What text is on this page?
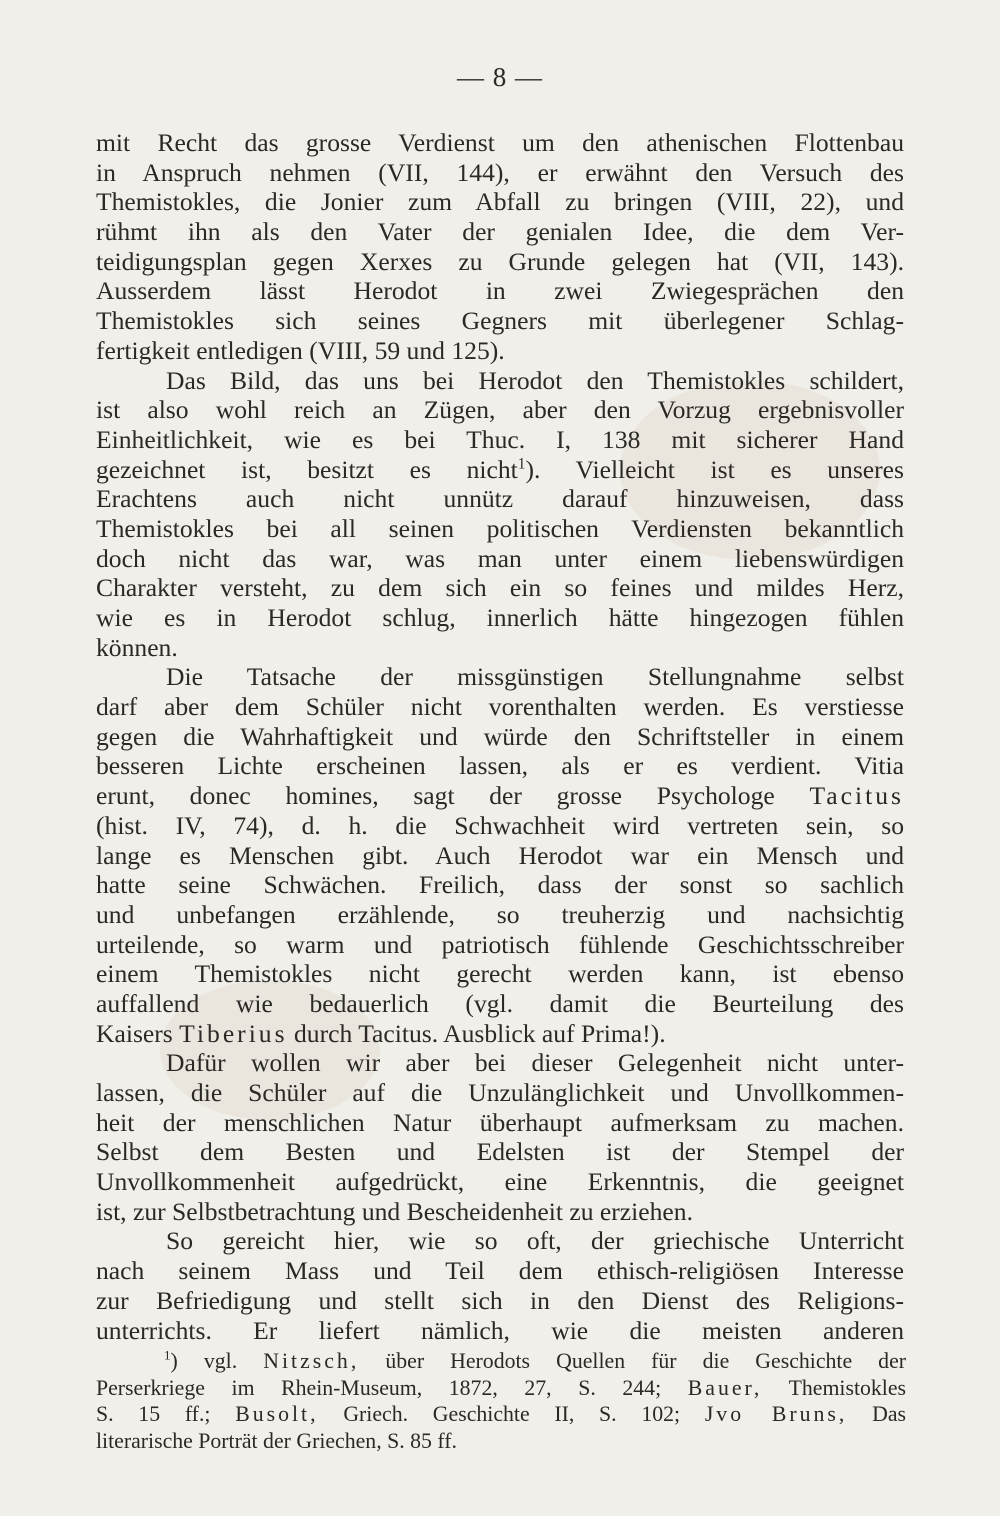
— 8 —
mit Recht das grosse Verdienst um den athenischen Flottenbau
in Anspruch nehmen (VII, 144), er erwähnt den Versuch des
Themistokles, die Jonier zum Abfall zu bringen (VIII, 22), und
rühmt ihn als den Vater der genialen Idee, die dem Ver-
teidigungsplan gegen Xerxes zu Grunde gelegen hat (VII, 143).
Ausserdem lässt Herodot in zwei Zwiegesprächen den
Themistokles sich seines Gegners mit überlegener Schlag-
fertigkeit entledigen (VIII, 59 und 125).
Das Bild, das uns bei Herodot den Themistokles schildert,
ist also wohl reich an Zügen, aber den Vorzug ergebnisvoller
Einheitlichkeit, wie es bei Thuc. I, 138 mit sicherer Hand
gezeichnet ist, besitzt es nicht$^1$). Vielleicht ist es unseres
Erachtens auch nicht unnütz darauf hinzuweisen, dass
Themistokles bei all seinen politischen Verdiensten bekanntlich
doch nicht das war, was man unter einem liebenswürdigen
Charakter versteht, zu dem sich ein so feines und mildes Herz,
wie es in Herodot schlug, innerlich hätte hingezogen fühlen
können.
Die Tatsache der missgünstigen Stellungnahme selbst
darf aber dem Schüler nicht vorenthalten werden. Es verstiesse
gegen die Wahrhaftigkeit und würde den Schriftsteller in einem
besseren Lichte erscheinen lassen, als er es verdient. Vitia
erunt, donec homines, sagt der grosse Psychologe Tacitus
(hist. IV, 74), d. h. die Schwachheit wird vertreten sein, so
lange es Menschen gibt. Auch Herodot war ein Mensch und
hatte seine Schwächen. Freilich, dass der sonst so sachlich
und unbefangen erzählende, so treuherzig und nachsichtig
urteilende, so warm und patriotisch fühlende Geschichtsschreiber
einem Themistokles nicht gerecht werden kann, ist ebenso
auffallend wie bedauerlich (vgl. damit die Beurteilung des
Kaisers Tiberius durch Tacitus. Ausblick auf Prima!).
Dafür wollen wir aber bei dieser Gelegenheit nicht unter-
lassen, die Schüler auf die Unzulänglichkeit und Unvollkommen-
heit der menschlichen Natur überhaupt aufmerksam zu machen.
Selbst dem Besten und Edelsten ist der Stempel der
Unvollkommenheit aufgedrückt, eine Erkenntnis, die geeignet
ist, zur Selbstbetrachtung und Bescheidenheit zu erziehen.
So gereicht hier, wie so oft, der griechische Unterricht
nach seinem Mass und Teil dem ethisch-religiösen Interesse
zur Befriedigung und stellt sich in den Dienst des Religions-
unterrichts. Er liefert nämlich, wie die meisten anderen
$^1$) vgl. Nitzsch, über Herodots Quellen für die Geschichte der
Perserkriege im Rhein-Museum, 1872, 27, S. 244; Bauer, Themistokles
S. 15 ff.; Busolt, Griech. Geschichte II, S. 102; Jvo Bruns, Das
literarische Porträt der Griechen, S. 85 ff.
